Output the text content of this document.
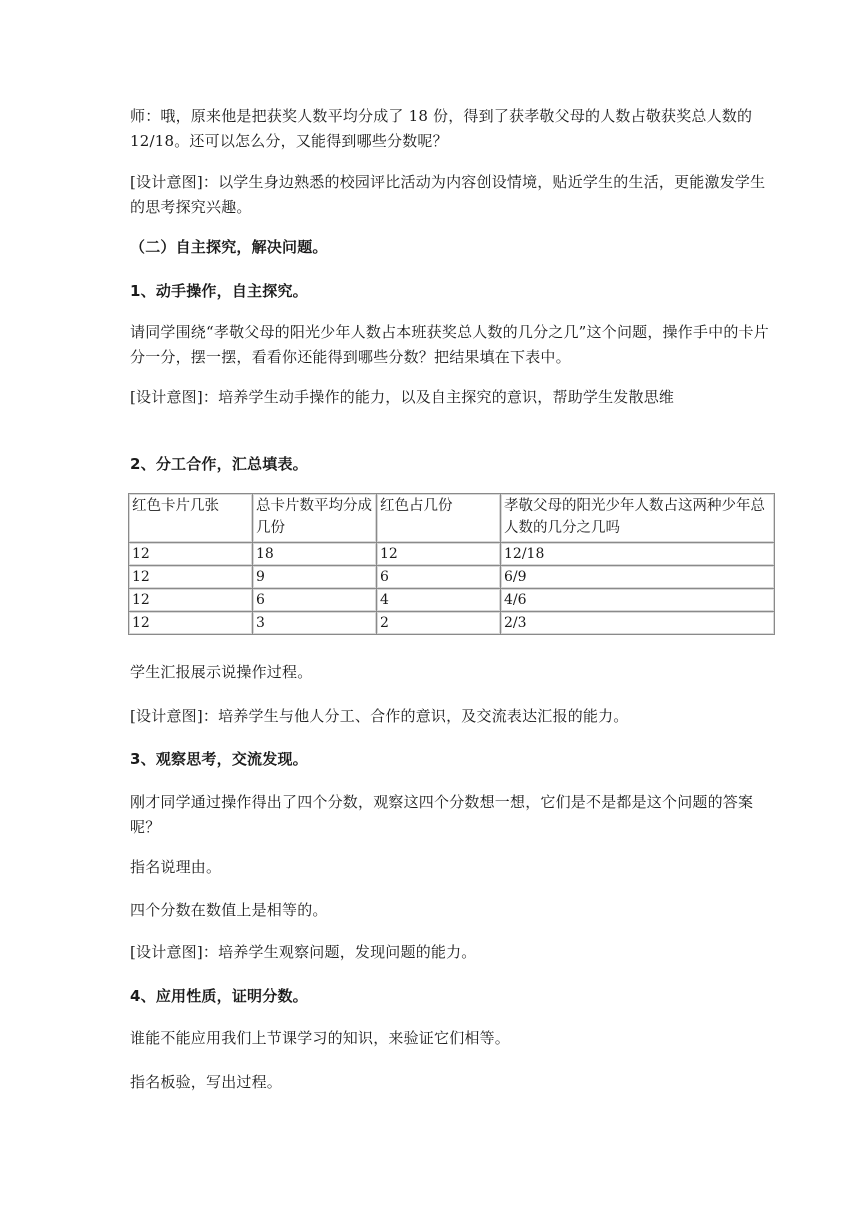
师：哦，原来他是把获奖人数平均分成了 18 份，得到了获孝敬父母的人数占敬获奖总人数的 12/18。还可以怎么分，又能得到哪些分数呢？

[设计意图]：以学生身边熟悉的校园评比活动为内容创设情境，贴近学生的生活，更能激发学生的思考探究兴趣。

（二）自主探究，解决问题。

1、动手操作，自主探究。

请同学围绕“孝敬父母的阳光少年人数占本班获奖总人数的几分之几”这个问题，操作手中的卡片分一分，摆一摆，看看你还能得到哪些分数？把结果填在下表中。

[设计意图]：培养学生动手操作的能力，以及自主探究的意识，帮助学生发散思维

2、分工合作，汇总填表。

红色卡片几张	总卡片数平均分成几份	红色占几份	孝敬父母的阳光少年人数占这两种少年总人数的几分之几吗
12	18	12	12/18
12	9	6	6/9
12	6	4	4/6
12	3	2	2/3

学生汇报展示说操作过程。

[设计意图]：培养学生与他人分工、合作的意识，及交流表达汇报的能力。

3、观察思考，交流发现。

刚才同学通过操作得出了四个分数，观察这四个分数想一想，它们是不是都是这个问题的答案呢？

指名说理由。

四个分数在数值上是相等的。

[设计意图]：培养学生观察问题，发现问题的能力。

4、应用性质，证明分数。

谁能不能应用我们上节课学习的知识，来验证它们相等。

指名板验，写出过程。
